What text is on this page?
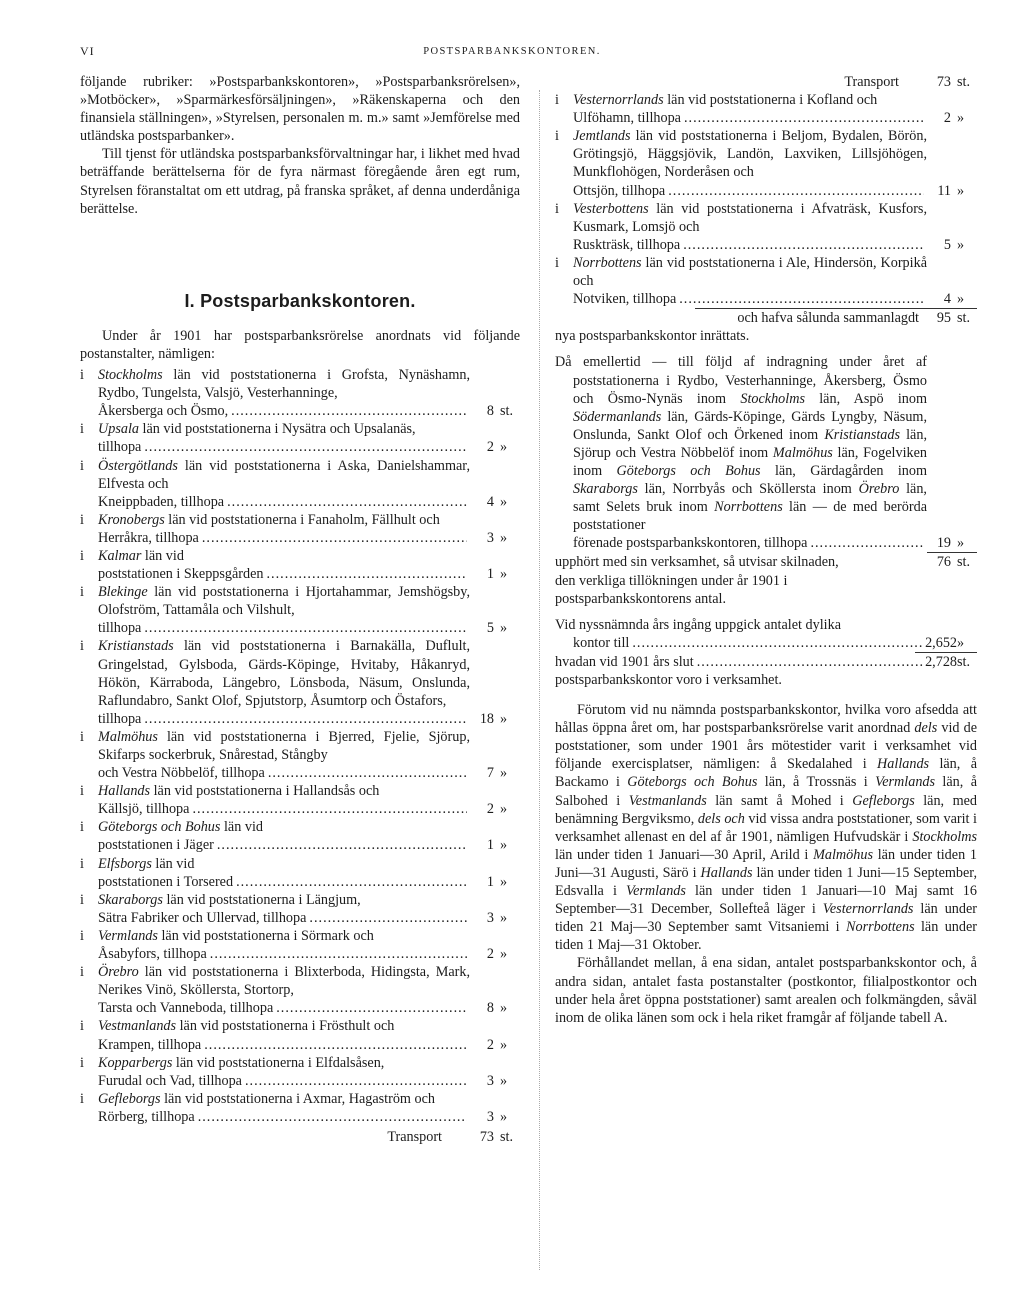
VI	POSTSPARBANKSKONTOREN.

följande rubriker: »Postsparbankskontoren», »Postsparbanksrörelsen», »Motböcker», »Sparmärkesförsäljningen», »Räkenskaperna och den finansiela ställningen», »Styrelsen, personalen m. m.» samt »Jemförelse med utländska postsparbanker».

Till tjenst för utländska postsparbanksförvaltningar har, i likhet med hvad beträffande berättelserna för de fyra närmast föregående åren egt rum, Styrelsen föranstaltat om ett utdrag, på franska språket, af denna underdåniga berättelse.

I. Postsparbankskontoren.

Under år 1901 har postsparbanksrörelse anordnats vid följande postanstalter, nämligen:

i Stockholms län vid poststationerna i Grofsta, Nynäshamn, Rydbo, Tungelsta, Valsjö, Vesterhanninge,
Åkersberga och Ösmo, .....	8 st.
i Upsala län vid poststationerna i Nysätra och Upsalanäs,
tillhopa .....	2 »
i Östergötlands län vid poststationerna i Aska, Danielshammar, Elfvesta och
Kneippbaden, tillhopa .....	4 »
i Kronobergs län vid poststationerna i Fanaholm, Fällhult och
Herråkra, tillhopa .....	3 »
i Kalmar län vid
poststationen i Skeppsgården .....	1 »
i Blekinge län vid poststationerna i Hjortahammar, Jemshögsby, Olofström, Tattamåla och Vilshult,
tillhopa .....	5 »
i Kristianstads län vid poststationerna i Barnakälla, Duflult, Gringelstad, Gylsboda, Gärds-Köpinge, Hvitaby, Håkanryd, Hökön, Kärraboda, Längebro, Lönsboda, Näsum, Onslunda, Raflundabro, Sankt Olof, Spjutstorp, Åsumtorp och Östafors,
tillhopa .....	18 »
i Malmöhus län vid poststationerna i Bjerred, Fjelie, Sjörup, Skifarps sockerbruk, Snårestad, Stångby
och Vestra Nöbbelöf, tillhopa .....	7 »
i Hallands län vid poststationerna i Hallandsås och
Källsjö, tillhopa .....	2 »
i Göteborgs och Bohus län vid
poststationen i Jäger .....	1 »
i Elfsborgs län vid
poststationen i Torsered .....	1 »
i Skaraborgs län vid poststationerna i Längjum,
Sätra Fabriker och Ullervad, tillhopa .....	3 »
i Vermlands län vid poststationerna i Sörmark och
Åsabyfors, tillhopa .....	2 »
i Örebro län vid poststationerna i Blixterboda, Hidingsta, Mark, Nerikes Vinö, Sköllersta, Stortorp,
Tarsta och Vanneboda, tillhopa .....	8 »
i Vestmanlands län vid poststationerna i Frösthult och
Krampen, tillhopa .....	2 »
i Kopparbergs län vid poststationerna i Elfdalsåsen,
Furudal och Vad, tillhopa .....	3 »
i Gefleborgs län vid poststationerna i Axmar, Hagaström och
Rörberg, tillhopa .....	3 »
Transport	73 st.
Transport	73 st.
i Vesternorrlands län vid poststationerna i Kofland och
Ulföhamn, tillhopa .....	2 »
i Jemtlands län vid poststationerna i Beljom, Bydalen, Börön, Grötingsjö, Häggsjövik, Landön, Laxviken, Lillsjöhögen, Munkflohögen, Norderåsen och
Ottsjön, tillhopa .....	11 »
i Vesterbottens län vid poststationerna i Afvaträsk, Kusfors, Kusmark, Lomsjö och
Ruskträsk, tillhopa .....	5 »
i Norrbottens län vid poststationerna i Ale, Hindersön, Korpikå och
Notviken, tillhopa .....	4 »
och hafva sålunda sammanlagdt	95 st.

nya postsparbankskontor inrättats.

Då emellertid — till följd af indragning under året af poststationerna i Rydbo, Vesterhanninge, Åkersberg, Ösmo och Ösmo-Nynäs inom Stockholms län, Aspö inom Södermanlands län, Gärds-Köpinge, Gärds Lyngby, Näsum, Onslunda, Sankt Olof och Örkened inom Kristianstads län, Sjörup och Vestra Nöbbelöf inom Malmöhus län, Fogelviken inom Göteborgs och Bohus län, Gärdagården inom Skaraborgs län, Norrbyås och Sköllersta inom Örebro län, samt Selets bruk inom Norrbottens län — de med berörda poststationer
förenade postsparbankskontoren, tillhopa .....	19 »
upphört med sin verksamhet, så utvisar skilnaden,	76 st.

den verkliga tillökningen under år 1901 i postsparbankskontorens antal.

Vid nyssnämnda års ingång uppgick antalet dylika
kontor till .....	2,652 »
hvadan vid 1901 års slut .....	2,728 st.

postsparbankskontor voro i verksamhet.

Förutom vid nu nämnda postsparbankskontor, hvilka voro afsedda att hållas öppna året om, har postsparbanksrörelse varit anordnad dels vid de poststationer, som under 1901 års mötestider varit i verksamhet vid följande exercisplatser, nämligen: å Skedalahed i Hallands län, å Backamo i Göteborgs och Bohus län, å Trossnäs i Vermlands län, å Salbohed i Vestmanlands län samt å Mohed i Gefleborgs län, med benämning Bergviksmo, dels och vid vissa andra poststationer, som varit i verksamhet allenast en del af år 1901, nämligen Hufvudskär i Stockholms län under tiden 1 Januari—30 April, Arild i Malmöhus län under tiden 1 Juni—31 Augusti, Särö i Hallands län under tiden 1 Juni—15 September, Edsvalla i Vermlands län under tiden 1 Januari—10 Maj samt 16 September—31 December, Sollefteå läger i Vesternorrlands län under tiden 21 Maj—30 September samt Vitsaniemi i Norrbottens län under tiden 1 Maj—31 Oktober.

Förhållandet mellan, å ena sidan, antalet postsparbankskontor och, å andra sidan, antalet fasta postanstalter (postkontor, filialpostkontor och under hela året öppna poststationer) samt arealen och folkmängden, såväl inom de olika länen som ock i hela riket framgår af följande tabell A.
